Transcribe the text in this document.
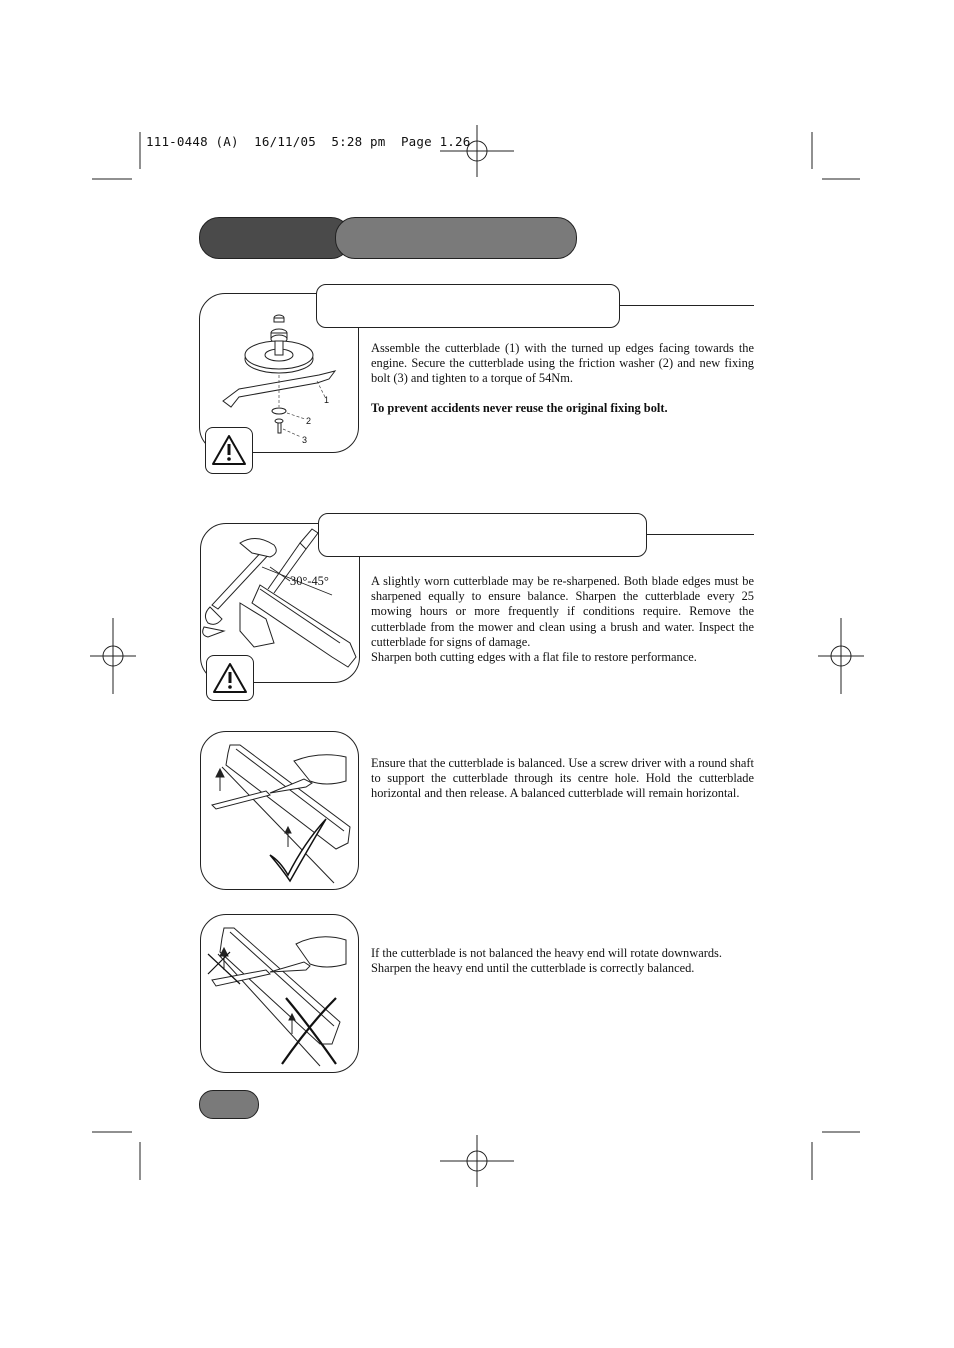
111-0448 (A)  16/11/05  5:28 pm  Page 1.26
1
2
3
Assemble the cutterblade (1) with the turned up edges facing towards the engine. Secure the cutterblade using the friction washer (2) and new fixing bolt (3) and tighten to a torque of 54Nm.
To prevent accidents never reuse the original fixing bolt.
30°-45°	A slightly worn cutterblade may be re-sharpened. Both blade edges must be sharpened equally to ensure balance. Sharpen the cutterblade every 25 mowing hours or more frequently if conditions require. Remove the cutterblade from the mower and clean using a brush and water. Inspect the cutterblade for signs of damage.
Sharpen both cutting edges with a flat file to restore performance.
Ensure that the cutterblade is balanced. Use a screw driver with a round shaft to support the cutterblade through its centre hole. Hold the cutterblade horizontal and then release. A balanced cutterblade will remain horizontal.
If the cutterblade is not balanced the heavy end will rotate downwards. Sharpen the heavy end until the cutterblade is correctly balanced.
